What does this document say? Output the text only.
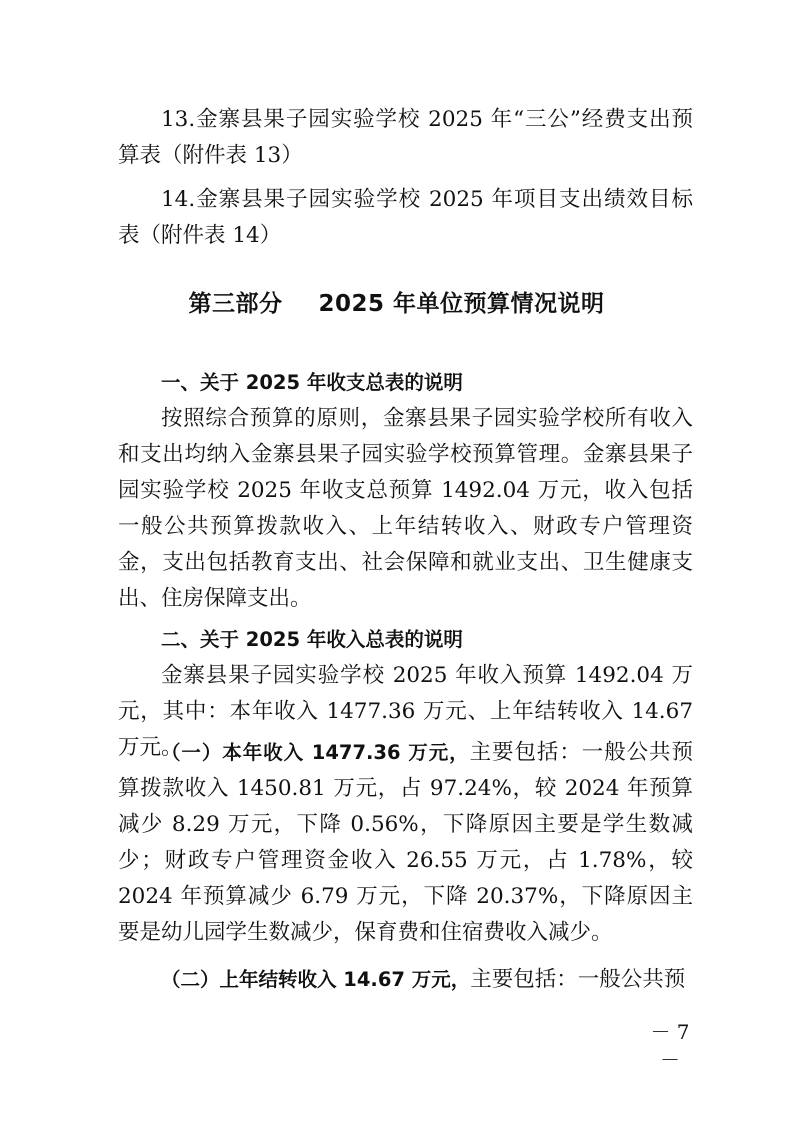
13.金寨县果子园实验学校 2025 年“三公”经费支出预算表（附件表 13）

14.金寨县果子园实验学校 2025 年项目支出绩效目标表（附件表 14）

第三部分 2025 年单位预算情况说明

一、关于 2025 年收支总表的说明

按照综合预算的原则，金寨县果子园实验学校所有收入和支出均纳入金寨县果子园实验学校预算管理。金寨县果子园实验学校 2025 年收支总预算 1492.04 万元，收入包括一般公共预算拨款收入、上年结转收入、财政专户管理资金，支出包括教育支出、社会保障和就业支出、卫生健康支出、住房保障支出。

二、关于 2025 年收入总表的说明

金寨县果子园实验学校 2025 年收入预算 1492.04 万元，其中：本年收入 1477.36 万元、上年结转收入 14.67 万元。

（一）本年收入 1477.36 万元，主要包括：一般公共预算拨款收入 1450.81 万元，占 97.24%，较 2024 年预算减少 8.29 万元，下降 0.56%，下降原因主要是学生数减少；财政专户管理资金收入 26.55 万元，占 1.78%，较 2024 年预算减少 6.79 万元，下降 20.37%，下降原因主要是幼儿园学生数减少，保育费和住宿费收入减少。

（二）上年结转收入 14.67 万元，主要包括：一般公共预

－ 7 －
